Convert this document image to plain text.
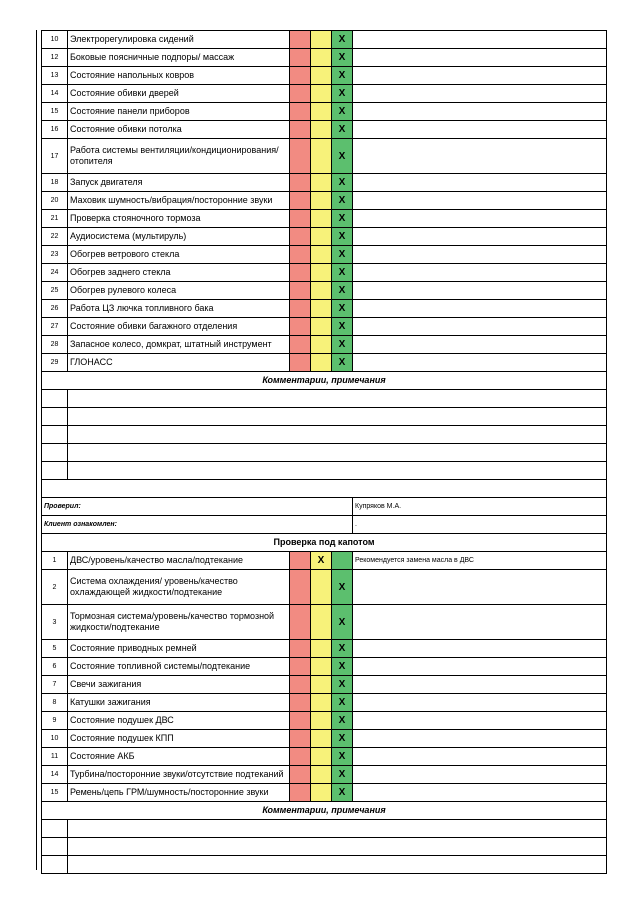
10	Электрорегулировка сидений			X	
12	Боковые поясничные подпоры/ массаж			X	
13	Состояние напольных ковров			X	
14	Состояние обивки дверей			X	
15	Состояние панели приборов			X	
16	Состояние обивки потолка			X	
17	Работа системы вентиляции/кондиционирования/ отопителя			X	
18	Запуск двигателя			X	
20	Маховик шумность/вибрация/посторонние звуки			X	
21	Проверка стояночного тормоза			X	
22	Аудиосистема (мультируль)			X	
23	Обогрев ветрового стекла			X	
24	Обогрев заднего стекла			X	
25	Обогрев рулевого колеса			X	
26	Работа ЦЗ лючка топливного бака			X	
27	Состояние обивки багажного отделения			X	
28	Запасное колесо, домкрат, штатный инструмент			X	
29	ГЛОНАСС			X	
Комментарии, примечания					

Проверил:					Купряков М.А.
Клиент ознакомлен:					.
Проверка под капотом					
1	ДВС/уровень/качество масла/подтекание		X		Рекомендуется замена масла в ДВС
2	Система охлаждения/ уровень/качество охлаждающей жидкости/подтекание			X	
3	Тормозная система/уровень/качество тормозной жидкости/подтекание			X	
5	Состояние приводных ремней			X	
6	Состояние топливной системы/подтекание			X	
7	Свечи зажигания			X	
8	Катушки зажигания			X	
9	Состояние подушек ДВС			X	
10	Состояние подушек КПП			X	
11	Состояние АКБ			X	
14	Турбина/посторонние звуки/отсутствие подтеканий			X	
15	Ремень/цепь ГРМ/шумность/посторонние звуки			X	
Комментарии, примечания					
